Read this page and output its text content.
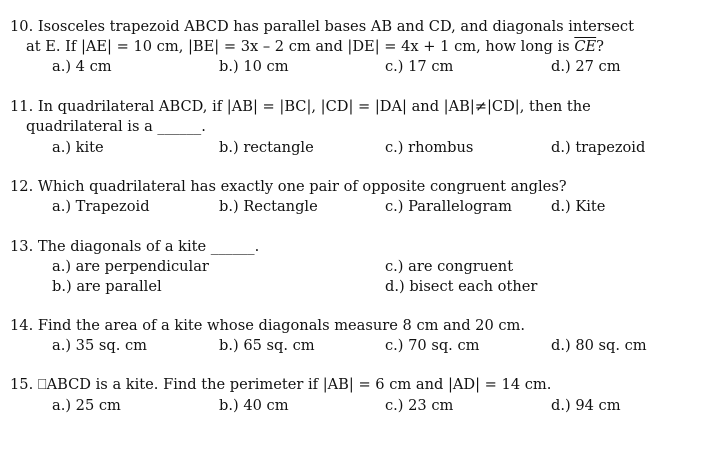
10. Isosceles trapezoid ABCD has parallel bases AB and CD, and diagonals intersect
at E. If |AE| = 10 cm, |BE| = 3x – 2 cm and |DE| = 4x + 1 cm, how long is $\overline{CE}$?
a.) 4 cm	b.) 10 cm	c.) 17 cm	d.) 27 cm
11. In quadrilateral ABCD, if |AB| = |BC|, |CD| = |DA| and |AB|≠|CD|, then the
quadrilateral is a ______.
a.) kite	b.) rectangle	c.) rhombus	d.) trapezoid
12. Which quadrilateral has exactly one pair of opposite congruent angles?
a.) Trapezoid	b.) Rectangle	c.) Parallelogram	d.) Kite
13. The diagonals of a kite ______.
a.) are perpendicular	c.) are congruent
b.) are parallel	d.) bisect each other
14. Find the area of a kite whose diagonals measure 8 cm and 20 cm.
a.) 35 sq. cm	b.) 65 sq. cm	c.) 70 sq. cm	d.) 80 sq. cm
15. ⎕ABCD is a kite. Find the perimeter if |AB| = 6 cm and |AD| = 14 cm.
a.) 25 cm	b.) 40 cm	c.) 23 cm	d.) 94 cm
